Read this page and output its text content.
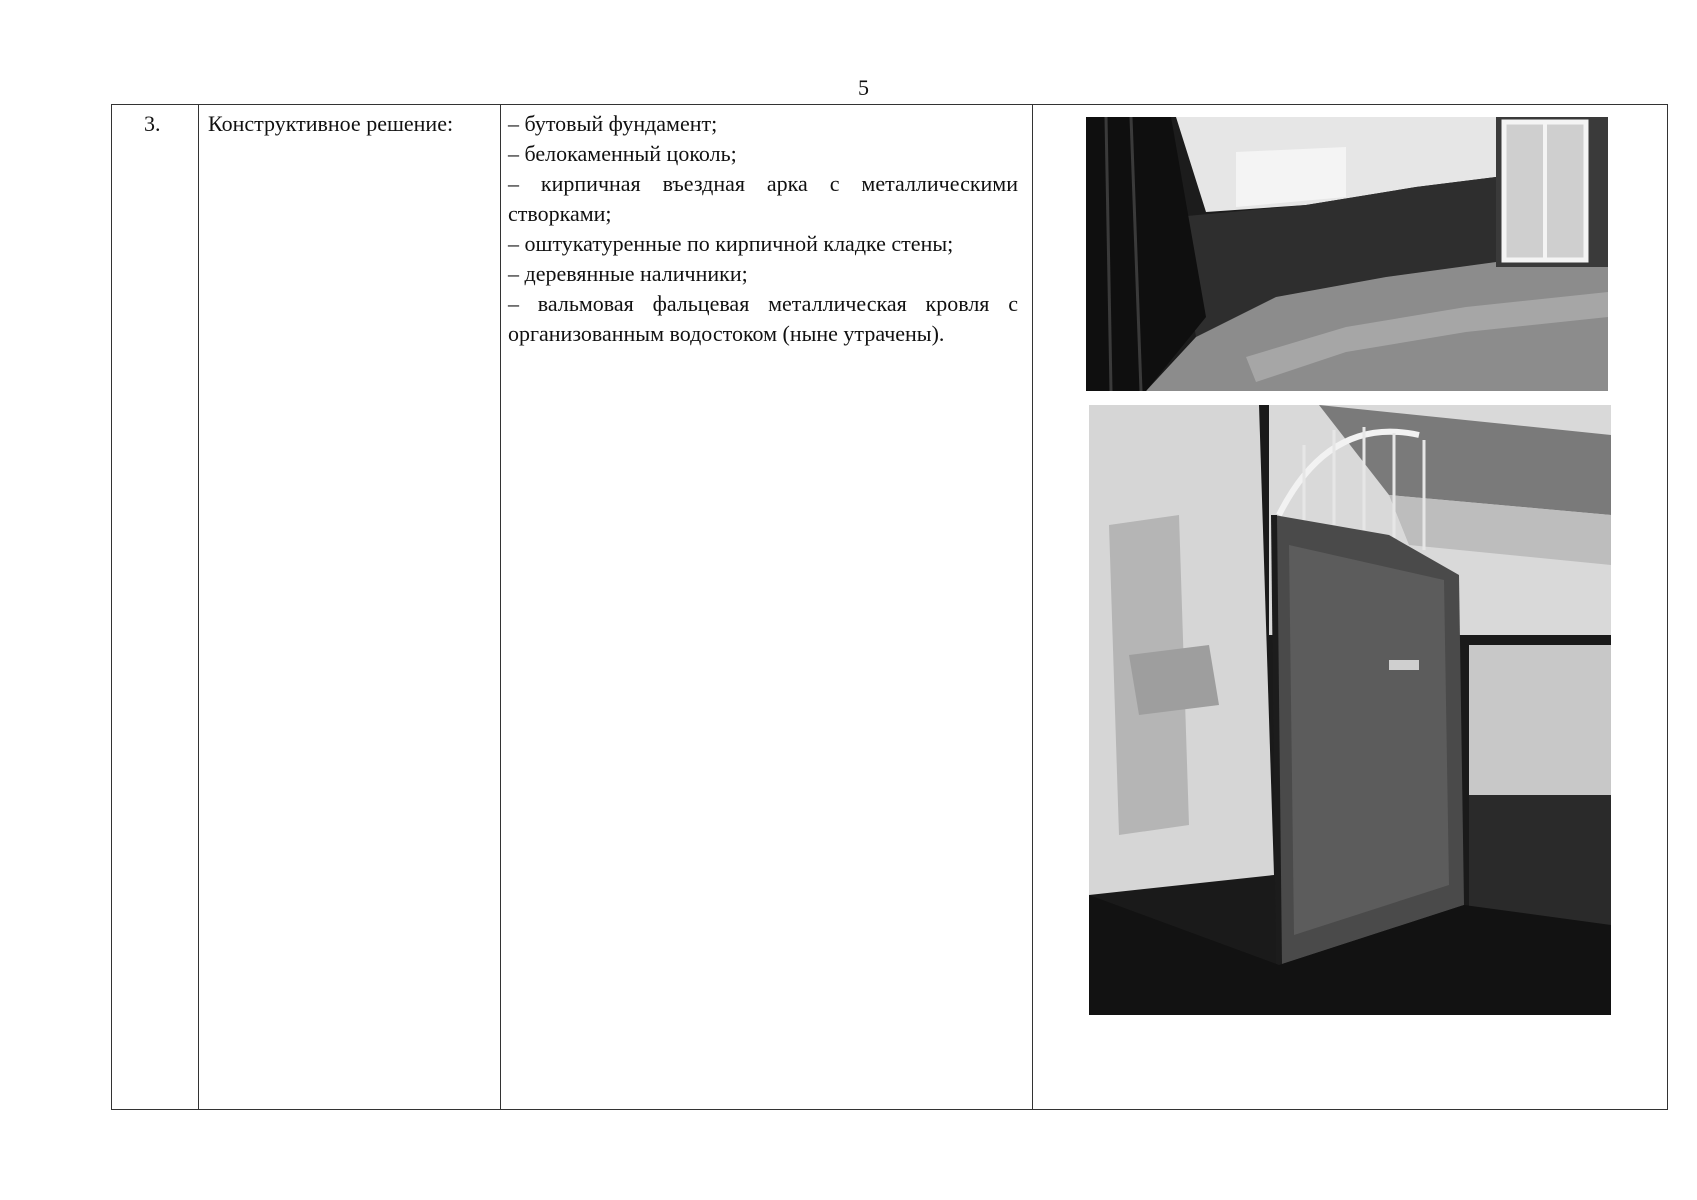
5
3. Конструктивное решение: – бутовый фундамент;
– белокаменный цоколь;
– кирпичная въездная арка с металлическими
створками;
– оштукатуренные по кирпичной кладке стены;
– деревянные наличники;
– вальмовая фальцевая металлическая кровля с
организованным водостоком (ныне утрачены).
